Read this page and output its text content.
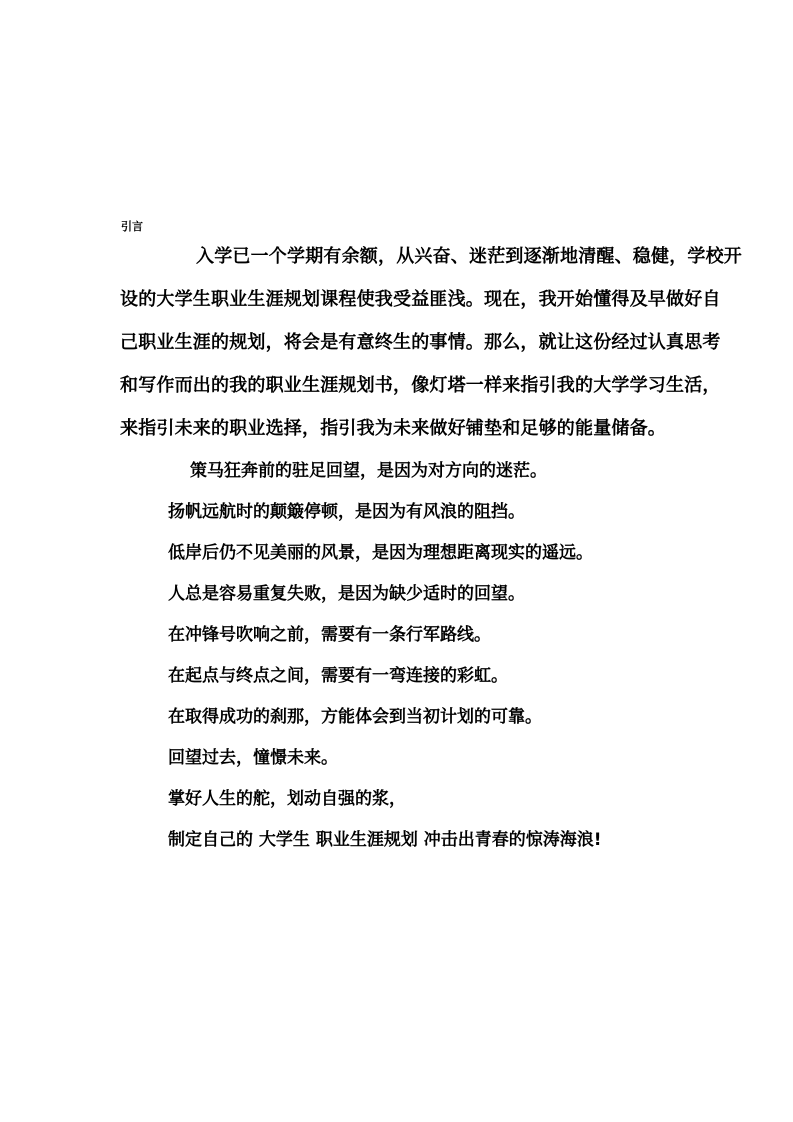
引言
入学已一个学期有余额，从兴奋、迷茫到逐渐地清醒、稳健，学校开
设的大学生职业生涯规划课程使我受益匪浅。现在，我开始懂得及早做好自
己职业生涯的规划，将会是有意终生的事情。那么，就让这份经过认真思考
和写作而出的我的职业生涯规划书，像灯塔一样来指引我的大学学习生活，
来指引未来的职业选择，指引我为未来做好铺垫和足够的能量储备。
策马狂奔前的驻足回望，是因为对方向的迷茫。
扬帆远航时的颠簸停顿，是因为有风浪的阻挡。
低岸后仍不见美丽的风景，是因为理想距离现实的遥远。
人总是容易重复失败，是因为缺少适时的回望。
在冲锋号吹响之前，需要有一条行军路线。
在起点与终点之间，需要有一弯连接的彩虹。
在取得成功的刹那，方能体会到当初计划的可靠。
回望过去，憧憬未来。
掌好人生的舵，划动自强的浆，
制定自己的 大学生 职业生涯规划 冲击出青春的惊涛海浪!
